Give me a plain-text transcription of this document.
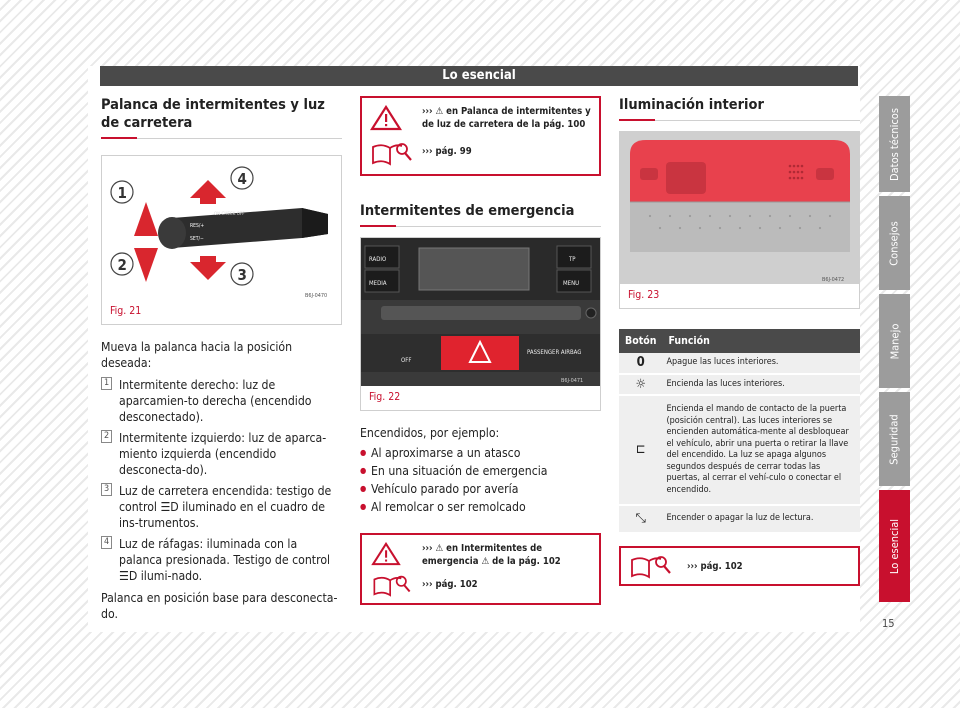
Lo esencial
Palanca de intermitentes y luz de carretera
ON CHECK OFF
RES/+
SET/−
1
2
3
4
B6J-0470
Fig. 21

Mueva la palanca hacia la posición deseada:

1 Intermitente derecho: luz de aparcamien-to derecha (encendido desconectado).

2 Intermitente izquierdo: luz de aparca-miento izquierda (encendido desconecta-do).

3 Luz de carretera encendida: testigo de control ☰D iluminado en el cuadro de ins-trumentos.

4 Luz de ráfagas: iluminada con la palanca presionada. Testigo de control ☰D ilumi-nado.

Palanca en posición base para desconecta-do.

››› ⚠ en Palanca de intermitentes y de luz de carretera de la pág. 100
››› pág. 99
Intermitentes de emergencia
RADIO
MEDIA
TP
MENU
OFF
PASSENGER AIRBAG
B6J-0471
Fig. 22

Encendidos, por ejemplo:

● Al aproximarse a un atasco
● En una situación de emergencia
● Vehículo parado por avería
● Al remolcar o ser remolcado

››› ⚠ en Intermitentes de emergencia ⚠ de la pág. 102
››› pág. 102
Iluminación interior
B6J-0472
Fig. 23
Botón	Función
0	Apague las luces interiores.
☼	Encienda las luces interiores.
⊏	Encienda el mando de contacto de la puerta (posición central). Las luces interiores se encienden automática-mente al desbloquear el vehículo, abrir una puerta o retirar la llave del encendido. La luz se apaga algunos segundos después de cerrar todas las puertas, al cerrar el vehí-culo o conectar el encendido.
⤡	Encender o apagar la luz de lectura.
››› pág. 102
Datos técnicos
Consejos
Manejo
Seguridad
Lo esencial
15
